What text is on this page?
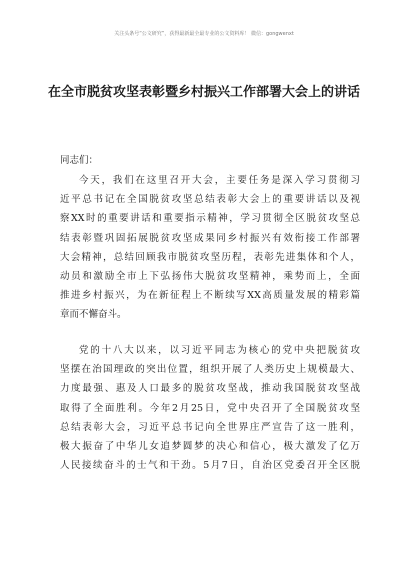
关注头条号“公文研究”，获得最新最全最专业的公文资料库！ 微信：gongwenxt
在全市脱贫攻坚表彰暨乡村振兴工作部署大会上的讲话
同志们：
今天，我们在这里召开大会，主要任务是深入学习贯彻习
近平总书记在全国脱贫攻坚总结表彰大会上的重要讲话以及视
察XX时的重要讲话和重要指示精神，学习贯彻全区脱贫攻坚总
结表彰暨巩固拓展脱贫攻坚成果同乡村振兴有效衔接工作部署
大会精神，总结回顾我市脱贫攻坚历程，表彰先进集体和个人，
动员和激励全市上下弘扬伟大脱贫攻坚精神，乘势而上，全面
推进乡村振兴，为在新征程上不断续写XX高质量发展的精彩篇
章而不懈奋斗。
党的十八大以来，以习近平同志为核心的党中央把脱贫攻
坚摆在治国理政的突出位置，组织开展了人类历史上规模最大、
力度最强、惠及人口最多的脱贫攻坚战，推动我国脱贫攻坚战
取得了全面胜利。今年2月25日，党中央召开了全国脱贫攻坚
总结表彰大会，习近平总书记向全世界庄严宣告了这一胜利，
极大振奋了中华儿女追梦圆梦的决心和信心，极大激发了亿万
人民接续奋斗的士气和干劲。5月7日，自治区党委召开全区脱
